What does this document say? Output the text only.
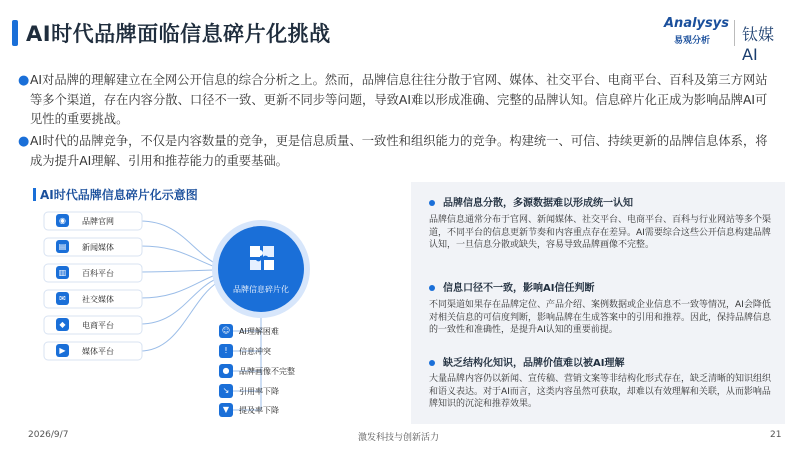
AI时代品牌面临信息碎片化挑战	Analysys
易观分析 钛媒AI
● AI对品牌的理解建立在全网公开信息的综合分析之上。然而，品牌信息往往分散于官网、媒体、社交平台、电商平台、百科及第三方网站等多个渠道，存在内容分散、口径不一致、更新不同步等问题，导致AI难以形成准确、完整的品牌认知。信息碎片化正成为影响品牌AI可见性的重要挑战。
● AI时代的品牌竞争，不仅是内容数量的竞争，更是信息质量、一致性和组织能力的竞争。构建统一、可信、持续更新的品牌信息体系，将成为提升AI理解、引用和推荐能力的重要基础。
AI时代品牌信息碎片化示意图
◉	品牌官网
▤	新闻媒体
▥	百科平台
✉	社交媒体
◆	电商平台
▶	媒体平台
品牌信息碎片化
☺	AI理解困难
!	信息冲突
●	品牌画像不完整
↘	引用率下降
▼	提及率下降
品牌信息分散，多源数据难以形成统一认知
品牌信息通常分布于官网、新闻媒体、社交平台、电商平台、百科与行业网站等多个渠道，不同平台的信息更新节奏和内容重点存在差异。AI需要综合这些公开信息构建品牌认知，一旦信息分散或缺失，容易导致品牌画像不完整。
信息口径不一致，影响AI信任判断
不同渠道如果存在品牌定位、产品介绍、案例数据或企业信息不一致等情况，AI会降低对相关信息的可信度判断，影响品牌在生成答案中的引用和推荐。因此，保持品牌信息的一致性和准确性，是提升AI认知的重要前提。
缺乏结构化知识，品牌价值难以被AI理解
大量品牌内容仍以新闻、宣传稿、营销文案等非结构化形式存在，缺乏清晰的知识组织和语义表达。对于AI而言，这类内容虽然可获取，却难以有效理解和关联，从而影响品牌知识的沉淀和推荐效果。
2026/9/7	激发科技与创新活力	21
